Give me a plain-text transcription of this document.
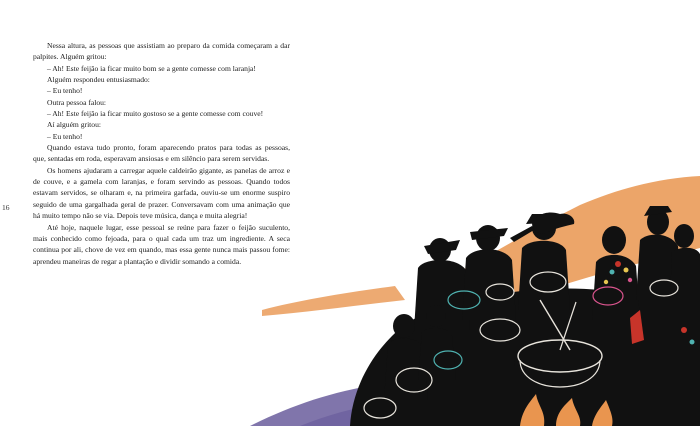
16

Nessa altura, as pessoas que assistiam ao preparo da comida começaram a dar palpites. Alguém gritou:

– Ah! Este feijão ia ficar muito bom se a gente comesse com laranja!

Alguém respondeu entusiasmado:

– Eu tenho!

Outra pessoa falou:

– Ah! Este feijão ia ficar muito gostoso se a gente comesse com couve!

Aí alguém gritou:

– Eu tenho!

Quando estava tudo pronto, foram aparecendo pratos para todas as pessoas, que, sentadas em roda, esperavam ansiosas e em silêncio para serem servidas.

Os homens ajudaram a carregar aquele caldeirão gigante, as panelas de arroz e de couve, e a gamela com laranjas, e foram servindo as pessoas. Quando todos estavam servidos, se olharam e, na primeira garfada, ouviu-se um enorme suspiro seguido de uma gargalhada geral de prazer. Conversavam com uma animação que há muito tempo não se via. Depois teve música, dança e muita alegria!

Até hoje, naquele lugar, esse pessoal se reúne para fazer o feijão suculento, mais conhecido como fejoada, para o qual cada um traz um ingrediente. A seca continua por ali, chove de vez em quando, mas essa gente nunca mais passou fome: aprendeu maneiras de regar a plantação e dividir somando a comida.
